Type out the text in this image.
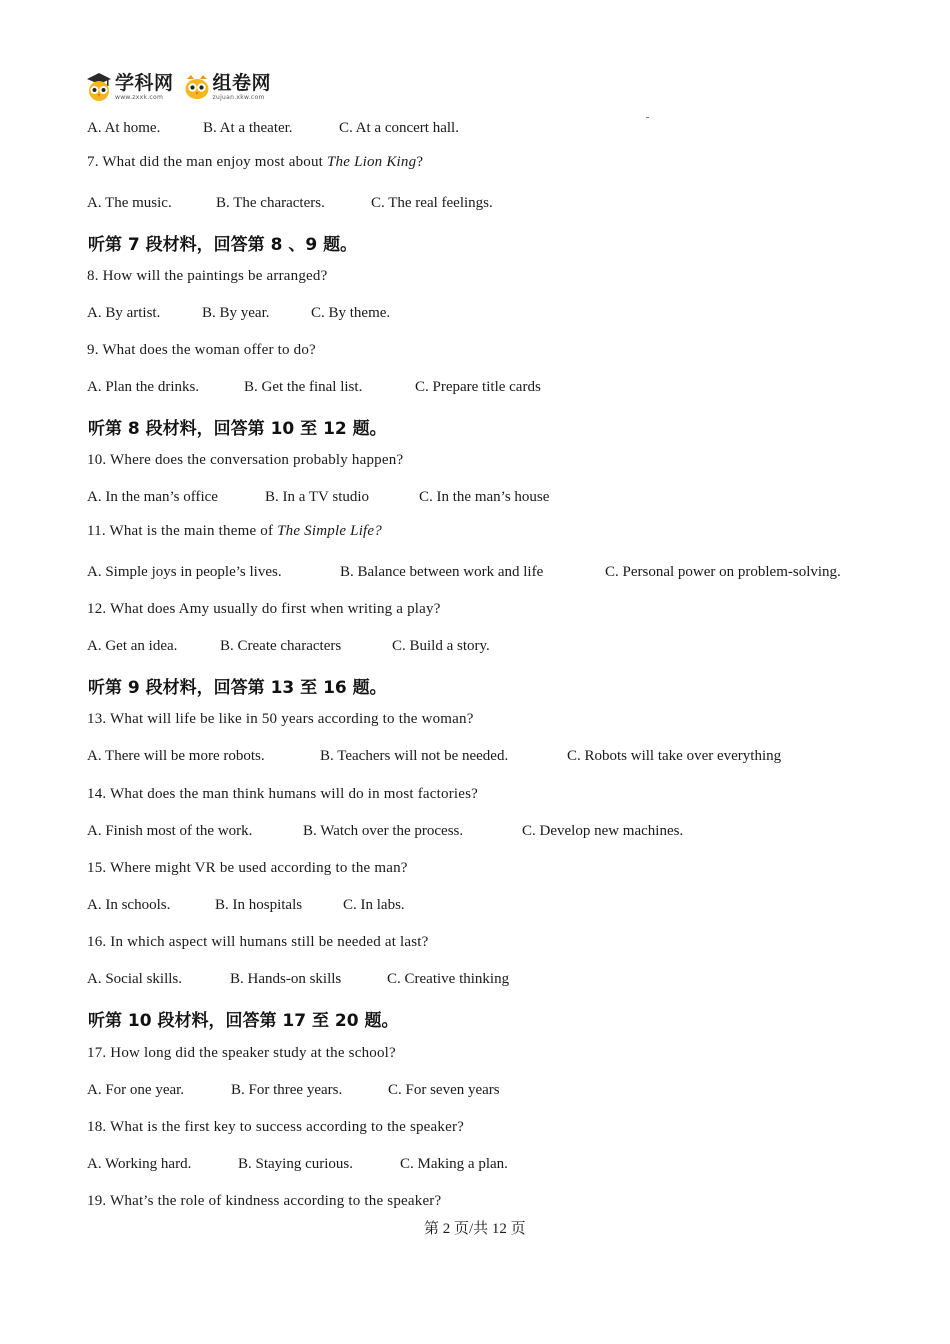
学科网
www.zxxk.com
组卷网
zujuan.xkw.com
A. At home.	B. At a theater.	C. At a concert hall.
7. What did the man enjoy most about The Lion King?
A. The music.	B. The characters.	C. The real feelings.
听第 7 段材料，回答第 8 、9 题。
8. How will the paintings be arranged?
A. By artist.	B. By year.	C. By theme.
9. What does the woman offer to do?
A. Plan the drinks.	B. Get the final list.	C. Prepare title cards
听第 8 段材料，回答第 10 至 12 题。
10. Where does the conversation probably happen?
A. In the man’s office	B. In a TV studio	C. In the man’s house
11. What is the main theme of The Simple Life?
A. Simple joys in people’s lives.	B. Balance between work and life	C. Personal power on problem-solving.
12. What does Amy usually do first when writing a play?
A. Get an idea.	B. Create characters	C. Build a story.
听第 9 段材料，回答第 13 至 16 题。
13. What will life be like in 50 years according to the woman?
A. There will be more robots.	B. Teachers will not be needed.	C. Robots will take over everything
14. What does the man think humans will do in most factories?
A. Finish most of the work.	B. Watch over the process.	C. Develop new machines.
15. Where might VR be used according to the man?
A. In schools.	B. In hospitals	C. In labs.
16. In which aspect will humans still be needed at last?
A. Social skills.	B. Hands-on skills	C. Creative thinking
听第 10 段材料，回答第 17 至 20 题。
17. How long did the speaker study at the school?
A. For one year.	B. For three years.	C. For seven years
18. What is the first key to success according to the speaker?
A. Working hard.	B. Staying curious.	C. Making a plan.
19. What’s the role of kindness according to the speaker?
第 2 页/共 12 页
